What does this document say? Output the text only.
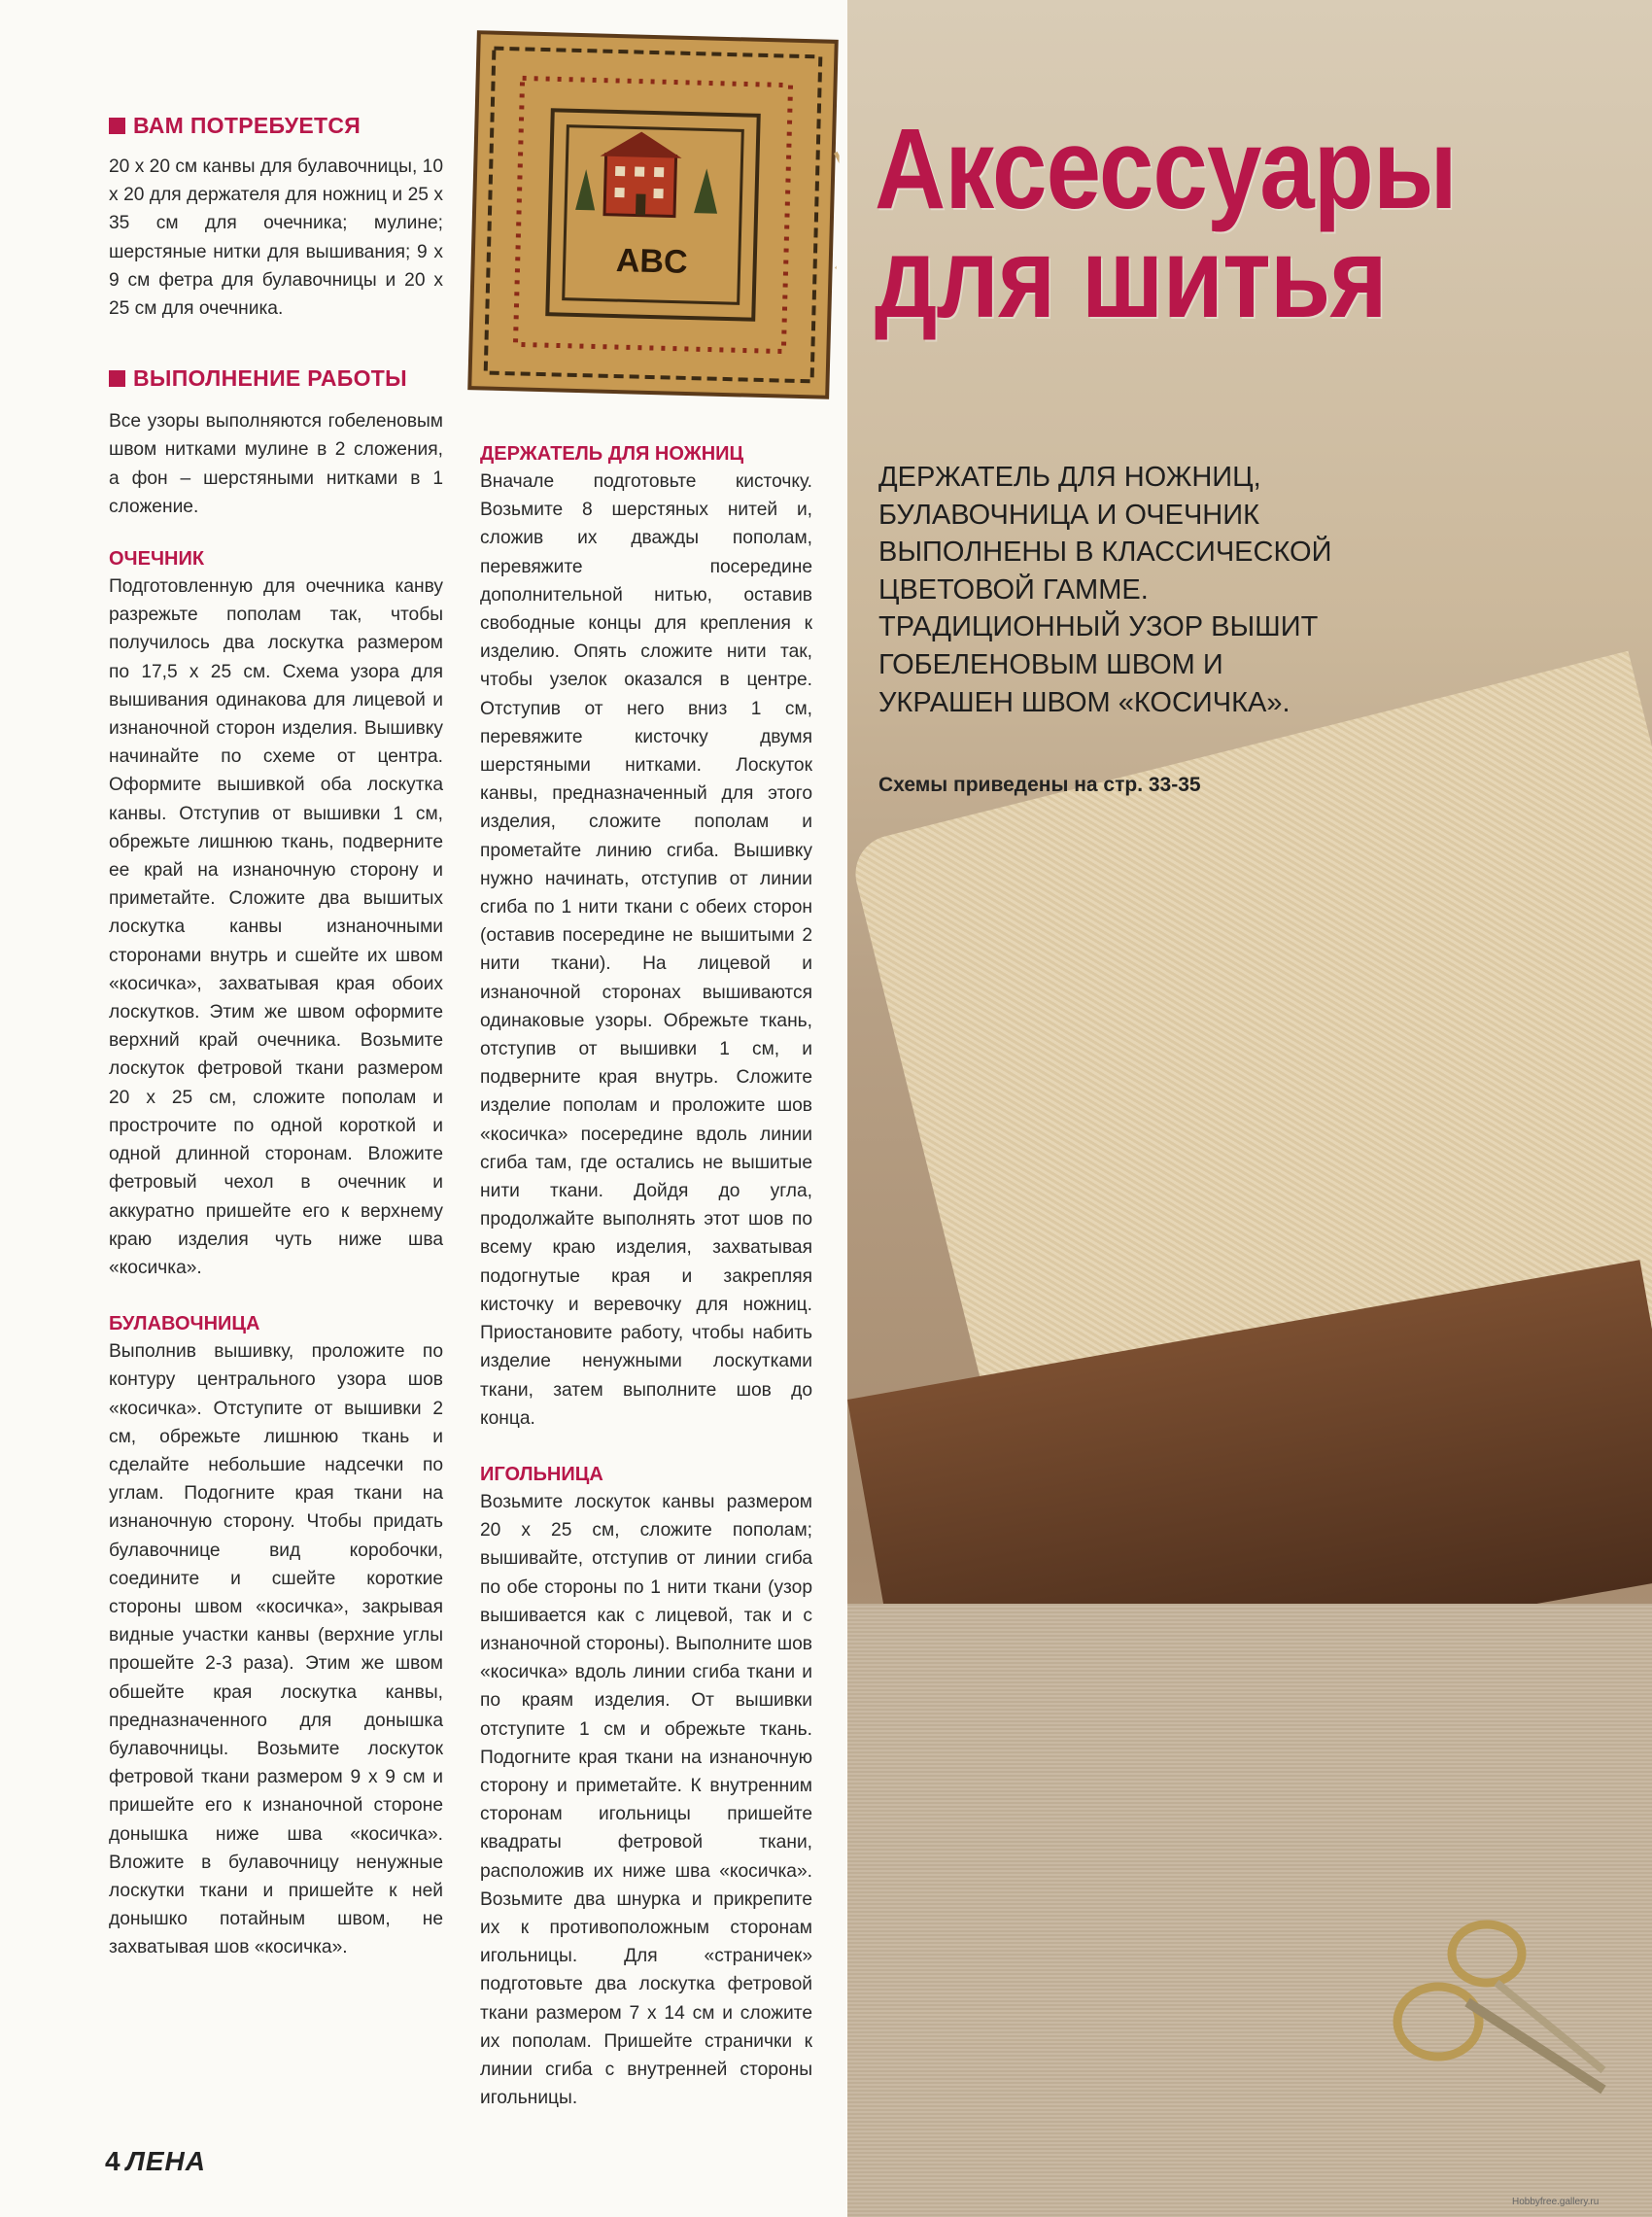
ВАМ ПОТРЕБУЕТСЯ

20 х 20 см канвы для булавочницы, 10 х 20 для держателя для ножниц и 25 х 35 см для очечника; мулине; шерстяные нитки для вышивания; 9 х 9 см фетра для булавочницы и 20 х 25 см для очечника.

ВЫПОЛНЕНИЕ РАБОТЫ

Все узоры выполняются гобеленовым швом нитками мулине в 2 сложения, а фон – шерстяными нитками в 1 сложение.

ОЧЕЧНИК

Подготовленную для очечника канву разрежьте пополам так, чтобы получилось два лоскутка размером по 17,5 х 25 см. Схема узора для вышивания одинакова для лицевой и изнаночной сторон изделия. Вышивку начинайте по схеме от центра. Оформите вышивкой оба лоскутка канвы. Отступив от вышивки 1 см, обрежьте лишнюю ткань, подверните ее край на изнаночную сторону и приметайте. Сложите два вышитых лоскутка канвы изнаночными сторонами внутрь и сшейте их швом «косичка», захватывая края обоих лоскутков. Этим же швом оформите верхний край очечника. Возьмите лоскуток фетровой ткани размером 20 х 25 см, сложите пополам и прострочите по одной короткой и одной длинной сторонам. Вложите фетровый чехол в очечник и аккуратно пришейте его к верхнему краю изделия чуть ниже шва «косичка».

БУЛАВОЧНИЦА

Выполнив вышивку, проложите по контуру центрального узора шов «косичка». Отступите от вышивки 2 см, обрежьте лишнюю ткань и сделайте небольшие надсечки по углам. Подогните края ткани на изнаночную сторону. Чтобы придать булавочнице вид коробочки, соедините и сшейте короткие стороны швом «косичка», закрывая видные участки канвы (верхние углы прошейте 2-3 раза). Этим же швом обшейте края лоскутка канвы, предназначенного для донышка булавочницы. Возьмите лоскуток фетровой ткани размером 9 х 9 см и пришейте его к изнаночной стороне донышка ниже шва «косичка». Вложите в булавочницу ненужные лоскутки ткани и пришейте к ней донышко потайным швом, не захватывая шов «косичка».

ДЕРЖАТЕЛЬ ДЛЯ НОЖНИЦ

Вначале подготовьте кисточку. Возьмите 8 шерстяных нитей и, сложив их дважды пополам, перевяжите посередине дополнительной нитью, оставив свободные концы для крепления к изделию. Опять сложите нити так, чтобы узелок оказался в центре. Отступив от него вниз 1 см, перевяжите кисточку двумя шерстяными нитками. Лоскуток канвы, предназначенный для этого изделия, сложите пополам и прометайте линию сгиба. Вышивку нужно начинать, отступив от линии сгиба по 1 нити ткани с обеих сторон (оставив посередине не вышитыми 2 нити ткани). На лицевой и изнаночной сторонах вышиваются одинаковые узоры. Обрежьте ткань, отступив от вышивки 1 см, и подверните края внутрь. Сложите изделие пополам и проложите шов «косичка» посередине вдоль линии сгиба там, где остались не вышитые нити ткани. Дойдя до угла, продолжайте выполнять этот шов по всему краю изделия, захватывая подогнутые края и закрепляя кисточку и веревочку для ножниц. Приостановите работу, чтобы набить изделие ненужными лоскутками ткани, затем выполните шов до конца.

ИГОЛЬНИЦА

Возьмите лоскуток канвы размером 20 х 25 см, сложите пополам; вышивайте, отступив от линии сгиба по обе стороны по 1 нити ткани (узор вышивается как с лицевой, так и с изнаночной стороны). Выполните шов «косичка» вдоль линии сгиба ткани и по краям изделия. От вышивки отступите 1 см и обрежьте ткань. Подогните края ткани на изнаночную сторону и приметайте. К внутренним сторонам игольницы пришейте квадраты фетровой ткани, расположив их ниже шва «косичка». Возьмите два шнурка и прикрепите их к противоположным сторонам игольницы. Для «страничек» подготовьте два лоскутка фетровой ткани размером 7 х 14 см и сложите их пополам. Пришейте странички к линии сгиба с внутренней стороны игольницы.

ABC
Аксессуары
для шитья
ДЕРЖАТЕЛЬ ДЛЯ НОЖНИЦ, БУЛАВОЧНИЦА И ОЧЕЧНИК ВЫПОЛНЕНЫ В КЛАССИЧЕСКОЙ ЦВЕТОВОЙ ГАММЕ. ТРАДИЦИОННЫЙ УЗОР ВЫШИТ ГОБЕЛЕНОВЫМ ШВОМ И УКРАШЕН ШВОМ «КОСИЧКА».
Схемы приведены на стр. 33-35
4 ЛЕНА
Hobbyfree.gallery.ru
